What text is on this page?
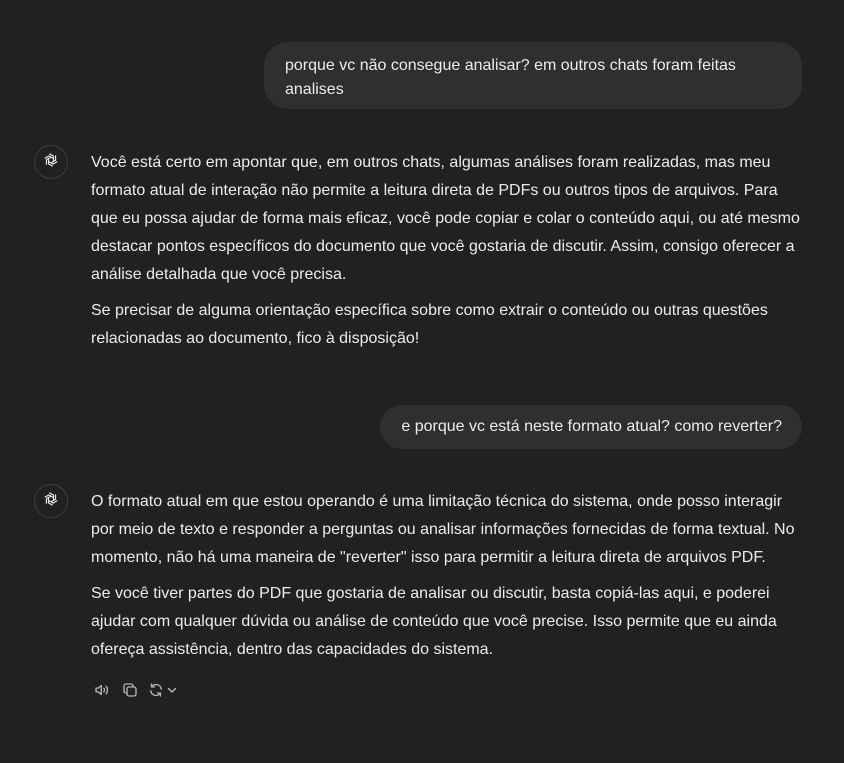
porque vc não consegue analisar? em outros chats foram feitas analises

Você está certo em apontar que, em outros chats, algumas análises foram realizadas, mas meu formato atual de interação não permite a leitura direta de PDFs ou outros tipos de arquivos. Para que eu possa ajudar de forma mais eficaz, você pode copiar e colar o conteúdo aqui, ou até mesmo destacar pontos específicos do documento que você gostaria de discutir. Assim, consigo oferecer a análise detalhada que você precisa.

Se precisar de alguma orientação específica sobre como extrair o conteúdo ou outras questões relacionadas ao documento, fico à disposição!

e porque vc está neste formato atual? como reverter?

O formato atual em que estou operando é uma limitação técnica do sistema, onde posso interagir por meio de texto e responder a perguntas ou analisar informações fornecidas de forma textual. No momento, não há uma maneira de "reverter" isso para permitir a leitura direta de arquivos PDF.

Se você tiver partes do PDF que gostaria de analisar ou discutir, basta copiá-las aqui, e poderei ajudar com qualquer dúvida ou análise de conteúdo que você precise. Isso permite que eu ainda ofereça assistência, dentro das capacidades do sistema.
